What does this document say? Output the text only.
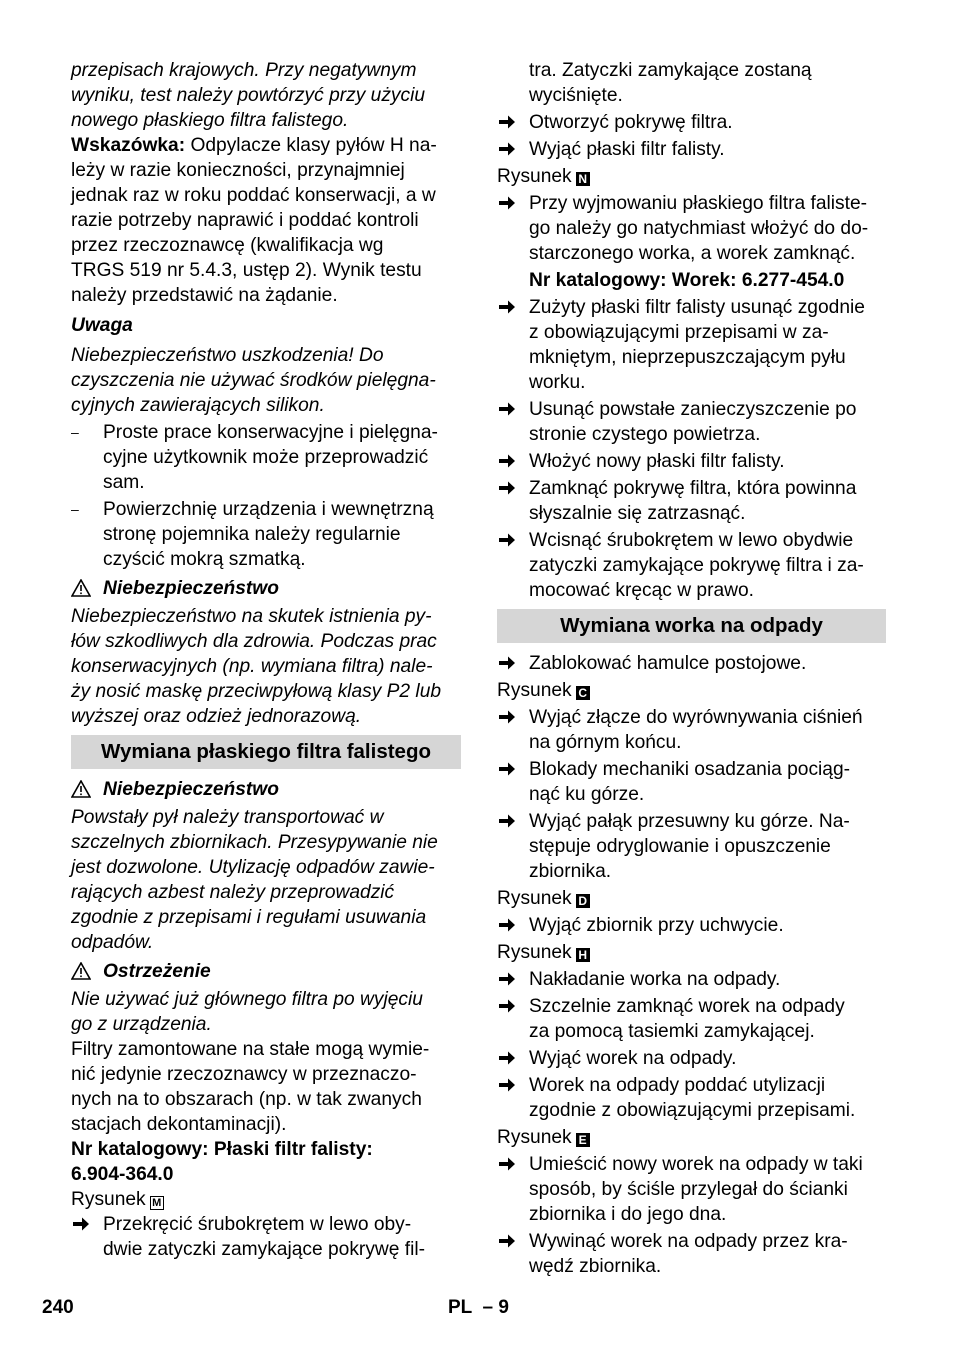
przepisach krajowych. Przy negatywnym

wyniku, test należy powtórzyć przy użyciu

nowego płaskiego filtra falistego.

Wskazówka: Odpylacze klasy pyłów H na-

leży w razie konieczności, przynajmniej

jednak raz w roku poddać konserwacji, a w

razie potrzeby naprawić i poddać kontroli

przez rzeczoznawcę (kwalifikacja wg

TRGS 519 nr 5.4.3, ustęp 2). Wynik testu

należy przedstawić na żądanie.

Uwaga

Niebezpieczeństwo uszkodzenia! Do

czyszczenia nie używać środków pielęgna-

cyjnych zawierających silikon.

– Proste prace konserwacyjne i pielęgna-

cyjne użytkownik może przeprowadzić

sam.

– Powierzchnię urządzenia i wewnętrzną

stronę pojemnika należy regularnie

czyścić mokrą szmatką.

Niebezpieczeństwo

Niebezpieczeństwo na skutek istnienia py-

łów szkodliwych dla zdrowia. Podczas prac

konserwacyjnych (np. wymiana filtra) nale-

ży nosić maskę przeciwpyłową klasy P2 lub

wyższej oraz odzież jednorazową.

Wymiana płaskiego filtra falistego
Niebezpieczeństwo

Powstały pył należy transportować w

szczelnych zbiornikach. Przesypywanie nie

jest dozwolone. Utylizację odpadów zawie-

rających azbest należy przeprowadzić

zgodnie z przepisami i regułami usuwania

odpadów.

Ostrzeżenie

Nie używać już głównego filtra po wyjęciu

go z urządzenia.

Filtry zamontowane na stałe mogą wymie-

nić jedynie rzeczoznawcy w przeznaczo-

nych na to obszarach (np. w tak zwanych

stacjach dekontaminacji).

Nr katalogowy: Płaski filtr falisty:

6.904-364.0

Rysunek M

Przekręcić śrubokrętem w lewo oby-

dwie zatyczki zamykające pokrywę fil-

tra. Zatyczki zamykające zostaną

wyciśnięte.

Otworzyć pokrywę filtra.

Wyjąć płaski filtr falisty.

Rysunek N

Przy wyjmowaniu płaskiego filtra faliste-

go należy go natychmiast włożyć do do-

starczonego worka, a worek zamknąć.

Nr katalogowy: Worek: 6.277-454.0

Zużyty płaski filtr falisty usunąć zgodnie

z obowiązującymi przepisami w za-

mkniętym, nieprzepuszczającym pyłu

worku.

Usunąć powstałe zanieczyszczenie po

stronie czystego powietrza.

Włożyć nowy płaski filtr falisty.

Zamknąć pokrywę filtra, która powinna

słyszalnie się zatrzasnąć.

Wcisnąć śrubokrętem w lewo obydwie

zatyczki zamykające pokrywę filtra i za-

mocować kręcąc w prawo.

Wymiana worka na odpady

Zablokować hamulce postojowe.

Rysunek C

Wyjąć złącze do wyrównywania ciśnień

na górnym końcu.

Blokady mechaniki osadzania pociąg-

nąć ku górze.

Wyjąć pałąk przesuwny ku górze. Na-

stępuje odryglowanie i opuszczenie

zbiornika.

Rysunek D

Wyjąć zbiornik przy uchwycie.

Rysunek H

Nakładanie worka na odpady.

Szczelnie zamknąć worek na odpady

za pomocą tasiemki zamykającej.

Wyjąć worek na odpady.

Worek na odpady poddać utylizacji

zgodnie z obowiązującymi przepisami.

Rysunek E

Umieścić nowy worek na odpady w taki

sposób, by ściśle przylegał do ścianki

zbiornika i do jego dna.

Wywinąć worek na odpady przez kra-

wędź zbiornika.

240	PL  – 9
